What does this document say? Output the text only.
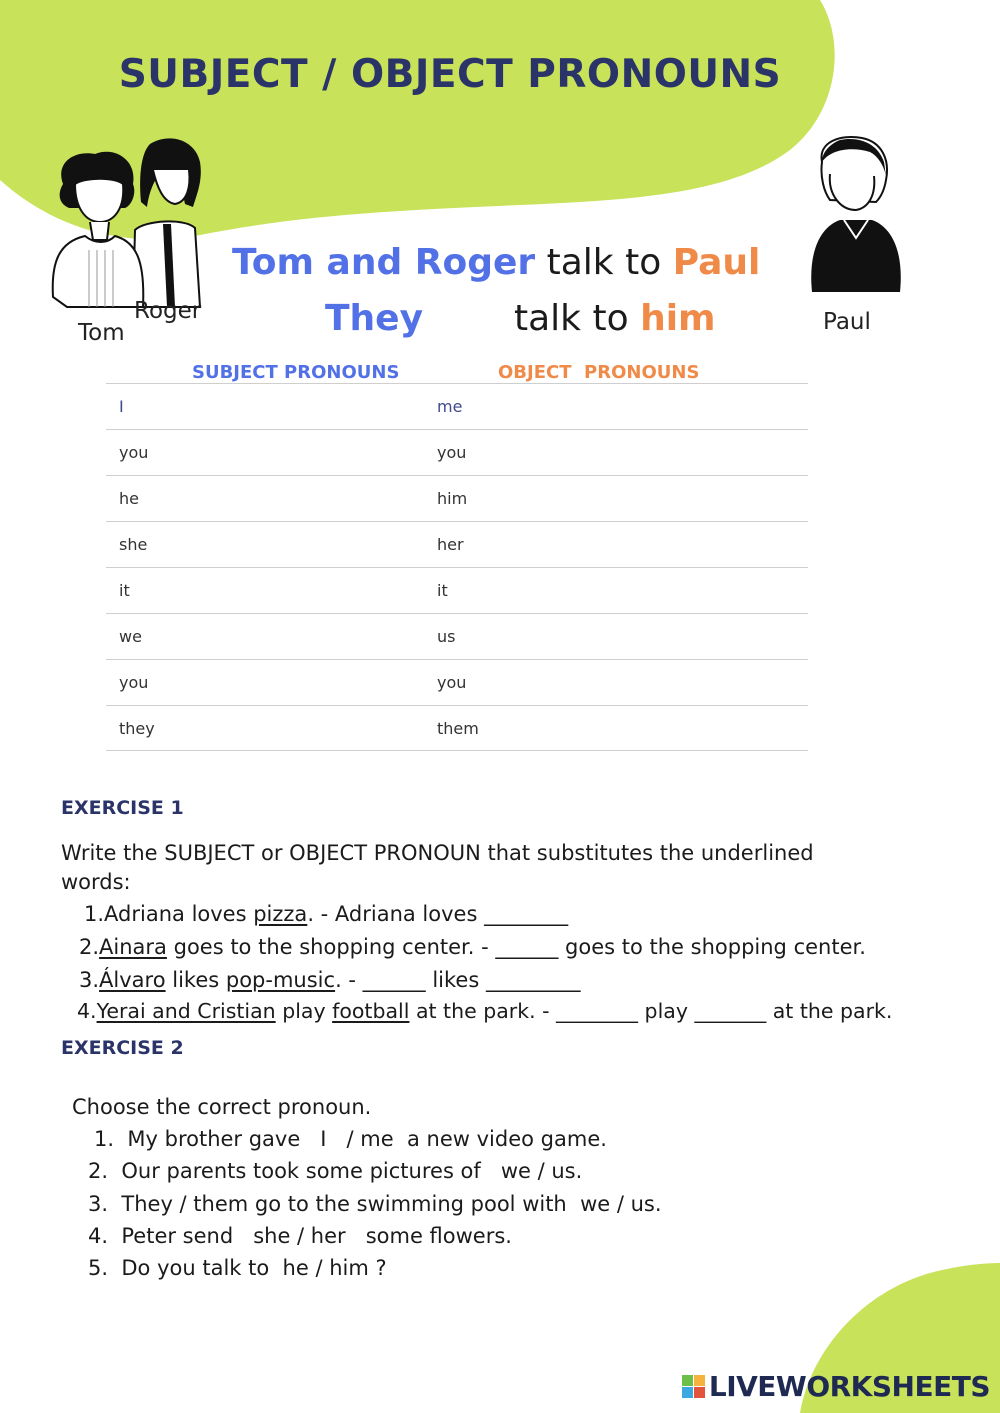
SUBJECT / OBJECT PRONOUNS
Roger
Tom	Paul
Tom and Roger talk to Paul
They	talk to him
SUBJECT PRONOUNS	OBJECT  PRONOUNS
I	me
you	you
he	him
she	her
it	it
we	us
you	you
they	them
EXERCISE 1
Write the SUBJECT or OBJECT PRONOUN that substitutes the underlined
words:
1.Adriana loves pizza. - Adriana loves ________
2.Ainara goes to the shopping center. - ______ goes to the shopping center.
3.Álvaro likes pop-music. - ______ likes _________
4.Yerai and Cristian play football at the park. - ________ play _______ at the park.
EXERCISE 2
Choose the correct pronoun.
1.  My brother gave   I   / me  a new video game.
2.  Our parents took some pictures of   we / us.
3.  They / them go to the swimming pool with  we / us.
4.  Peter send   she / her   some flowers.
5.  Do you talk to  he / him ?
LIVEWORKSHEETS
